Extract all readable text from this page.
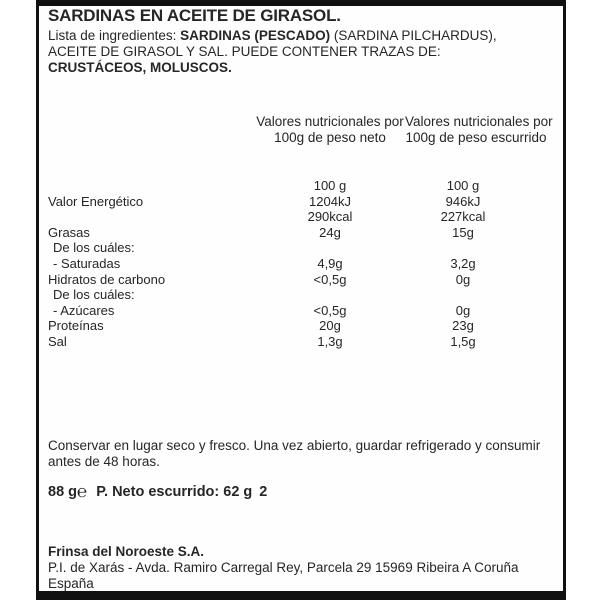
SARDINAS EN ACEITE DE GIRASOL.
Lista de ingredientes: SARDINAS (PESCADO) (SARDINA PILCHARDUS),
ACEITE DE GIRASOL Y SAL. PUEDE CONTENER TRAZAS DE:
CRUSTÁCEOS, MOLUSCOS.
Valores nutricionales por
100g de peso neto
Valores nutricionales por
100g de peso escurrido
100 g	100 g
Valor Energético	1204kJ	946kJ
290kcal	227kcal
Grasas	24g	15g
De los cuáles:
- Saturadas	4,9g	3,2g
Hidratos de carbono	<0,5g	0g
De los cuáles:
- Azúcares	<0,5g	0g
Proteínas	20g	23g
Sal	1,3g	1,5g
Conservar en lugar seco y fresco. Una vez abierto, guardar refrigerado y consumir
antes de 48 horas.
88 g℮ P. Neto escurrido: 62 g 2
Frinsa del Noroeste S.A.
P.I. de Xarás - Avda. Ramiro Carregal Rey, Parcela 29 15969 Ribeira A Coruña
España
